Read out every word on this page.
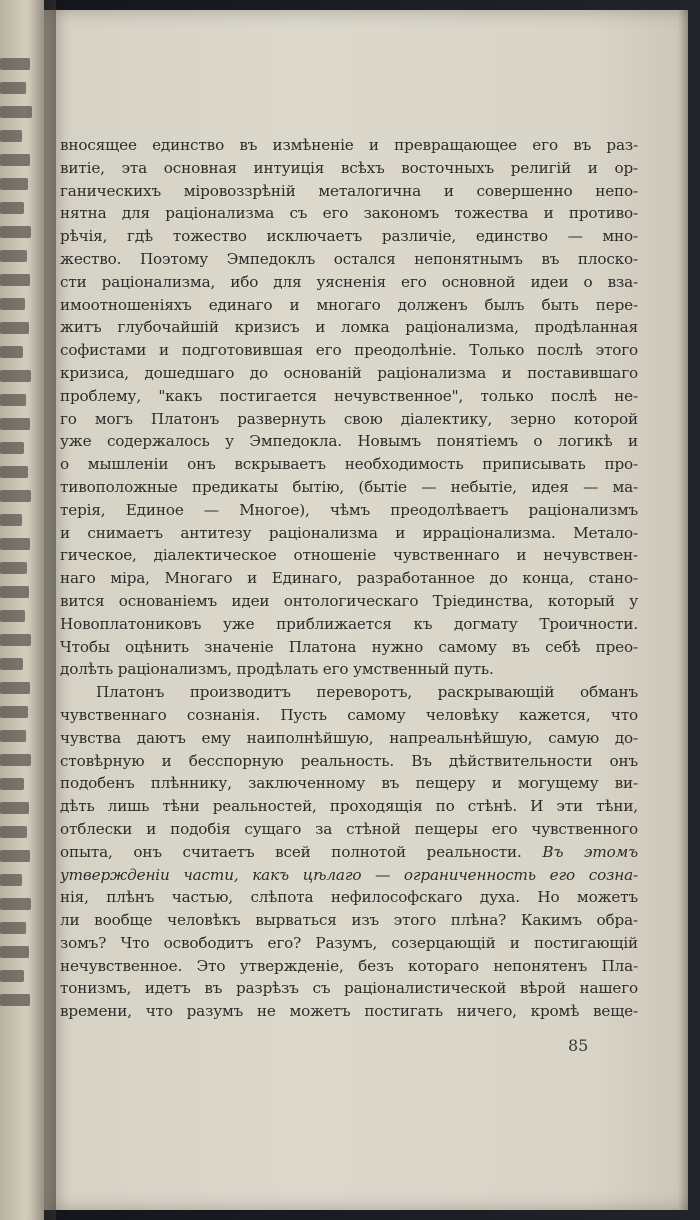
вносящее единство въ измѣненіе и превращающее его въ раз-
витіе, эта основная интуиція всѣхъ восточныхъ религій и ор-
ганическихъ міровоззрѣній металогична и совершенно непо-
нятна для раціонализма съ его закономъ тожества и противо-
рѣчія, гдѣ тожество исключаетъ различіе, единство — мно-
жество. Поэтому Эмпедоклъ остался непонятнымъ въ плоско-
сти раціонализма, ибо для уясненія его основной идеи о вза-
имоотношеніяхъ единаго и многаго долженъ былъ быть пере-
житъ глубочайшій кризисъ и ломка раціонализма, продѣланная
софистами и подготовившая его преодолѣніе. Только послѣ этого
кризиса, дошедшаго до основаній раціонализма и поставившаго
проблему, "какъ постигается нечувственное", только послѣ не-
го могъ Платонъ развернуть свою діалектику, зерно которой
уже содержалось у Эмпедокла. Новымъ понятіемъ о логикѣ и
о мышленіи онъ вскрываетъ необходимость приписывать про-
тивоположные предикаты бытію, (бытіе — небытіе, идея — ма-
терія, Единое — Многое), чѣмъ преодолѣваетъ раціонализмъ
и снимаетъ антитезу раціонализма и ирраціонализма. Метало-
гическое, діалектическое отношеніе чувственнаго и нечувствен-
наго міра, Многаго и Единаго, разработанное до конца, стано-
вится основаніемъ идеи онтологическаго Тріединства, который у
Новоплатониковъ уже приближается къ догмату Троичности.
Чтобы оцѣнить значеніе Платона нужно самому въ себѣ прео-
долѣть раціонализмъ, продѣлать его умственный путь.
Платонъ производитъ переворотъ, раскрывающій обманъ
чувственнаго сознанія. Пусть самому человѣку кажется, что
чувства даютъ ему наиполнѣйшую, напреальнѣйшую, самую до-
стовѣрную и бесспорную реальность. Въ дѣйствительности онъ
подобенъ плѣннику, заключенному въ пещеру и могущему ви-
дѣть лишь тѣни реальностей, проходящія по стѣнѣ. И эти тѣни,
отблески и подобія сущаго за стѣной пещеры его чувственного
опыта, онъ считаетъ всей полнотой реальности. Въ этомъ
утвержденіи части, какъ цѣлаго — ограниченность его созна-
нія, плѣнъ частью, слѣпота нефилософскаго духа. Но можетъ
ли вообще человѣкъ вырваться изъ этого плѣна? Какимъ обра-
зомъ? Что освободитъ его? Разумъ, созерцающій и постигающій
нечувственное. Это утвержденіе, безъ котораго непонятенъ Пла-
тонизмъ, идетъ въ разрѣзъ съ раціоналистической вѣрой нашего
времени, что разумъ не можетъ постигать ничего, кромѣ веще-
85
